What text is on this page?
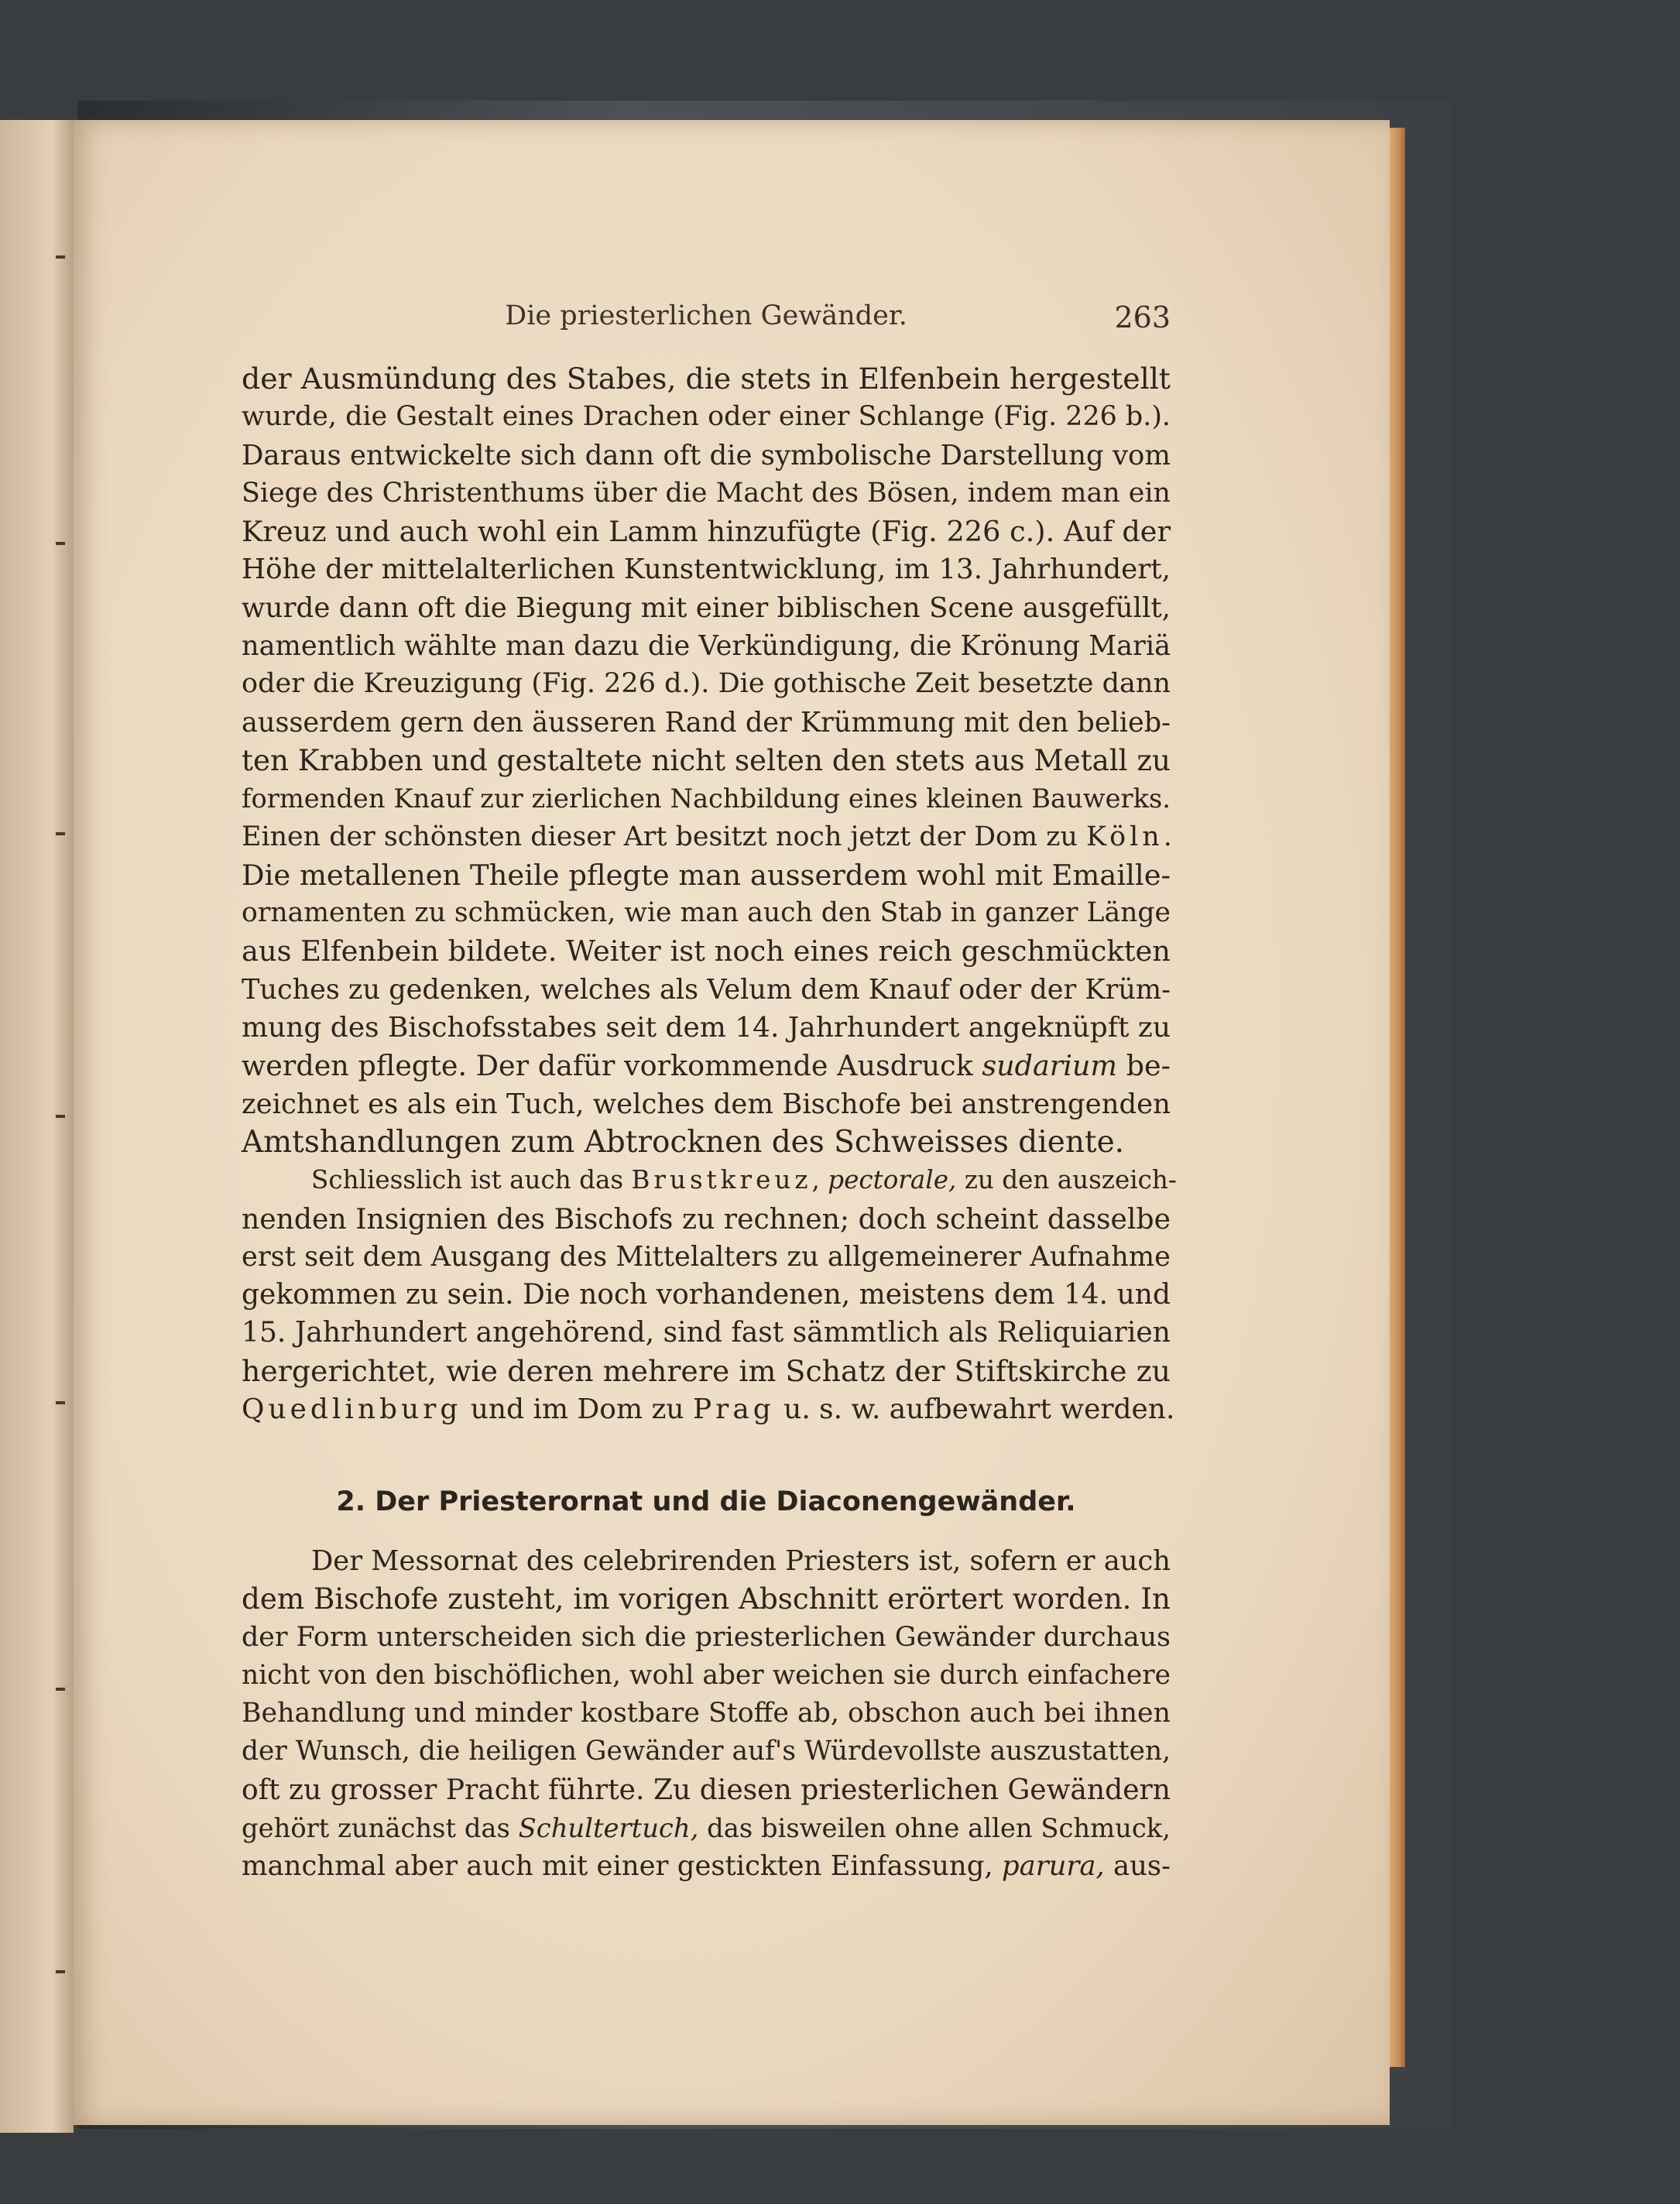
Die priesterlichen Gewänder.	263
der Ausmündung des Stabes, die stets in Elfenbein hergestellt
wurde, die Gestalt eines Drachen oder einer Schlange (Fig. 226 b.).
Daraus entwickelte sich dann oft die symbolische Darstellung vom
Siege des Christenthums über die Macht des Bösen, indem man ein
Kreuz und auch wohl ein Lamm hinzufügte (Fig. 226 c.). Auf der
Höhe der mittelalterlichen Kunstentwicklung, im 13. Jahrhundert,
wurde dann oft die Biegung mit einer biblischen Scene ausgefüllt,
namentlich wählte man dazu die Verkündigung, die Krönung Mariä
oder die Kreuzigung (Fig. 226 d.). Die gothische Zeit besetzte dann
ausserdem gern den äusseren Rand der Krümmung mit den belieb-
ten Krabben und gestaltete nicht selten den stets aus Metall zu
formenden Knauf zur zierlichen Nachbildung eines kleinen Bauwerks.
Einen der schönsten dieser Art besitzt noch jetzt der Dom zu Köln.
Die metallenen Theile pflegte man ausserdem wohl mit Emaille-
ornamenten zu schmücken, wie man auch den Stab in ganzer Länge
aus Elfenbein bildete. Weiter ist noch eines reich geschmückten
Tuches zu gedenken, welches als Velum dem Knauf oder der Krüm-
mung des Bischofsstabes seit dem 14. Jahrhundert angeknüpft zu
werden pflegte. Der dafür vorkommende Ausdruck sudarium be-
zeichnet es als ein Tuch, welches dem Bischofe bei anstrengenden
Amtshandlungen zum Abtrocknen des Schweisses diente.
Schliesslich ist auch das Brustkreuz, pectorale, zu den auszeich-
nenden Insignien des Bischofs zu rechnen; doch scheint dasselbe
erst seit dem Ausgang des Mittelalters zu allgemeinerer Aufnahme
gekommen zu sein. Die noch vorhandenen, meistens dem 14. und
15. Jahrhundert angehörend, sind fast sämmtlich als Reliquiarien
hergerichtet, wie deren mehrere im Schatz der Stiftskirche zu
Quedlinburg und im Dom zu Prag u. s. w. aufbewahrt werden.
2. Der Priesterornat und die Diaconengewänder.
Der Messornat des celebrirenden Priesters ist, sofern er auch
dem Bischofe zusteht, im vorigen Abschnitt erörtert worden. In
der Form unterscheiden sich die priesterlichen Gewänder durchaus
nicht von den bischöflichen, wohl aber weichen sie durch einfachere
Behandlung und minder kostbare Stoffe ab, obschon auch bei ihnen
der Wunsch, die heiligen Gewänder auf's Würdevollste auszustatten,
oft zu grosser Pracht führte. Zu diesen priesterlichen Gewändern
gehört zunächst das Schultertuch, das bisweilen ohne allen Schmuck,
manchmal aber auch mit einer gestickten Einfassung, parura, aus-
